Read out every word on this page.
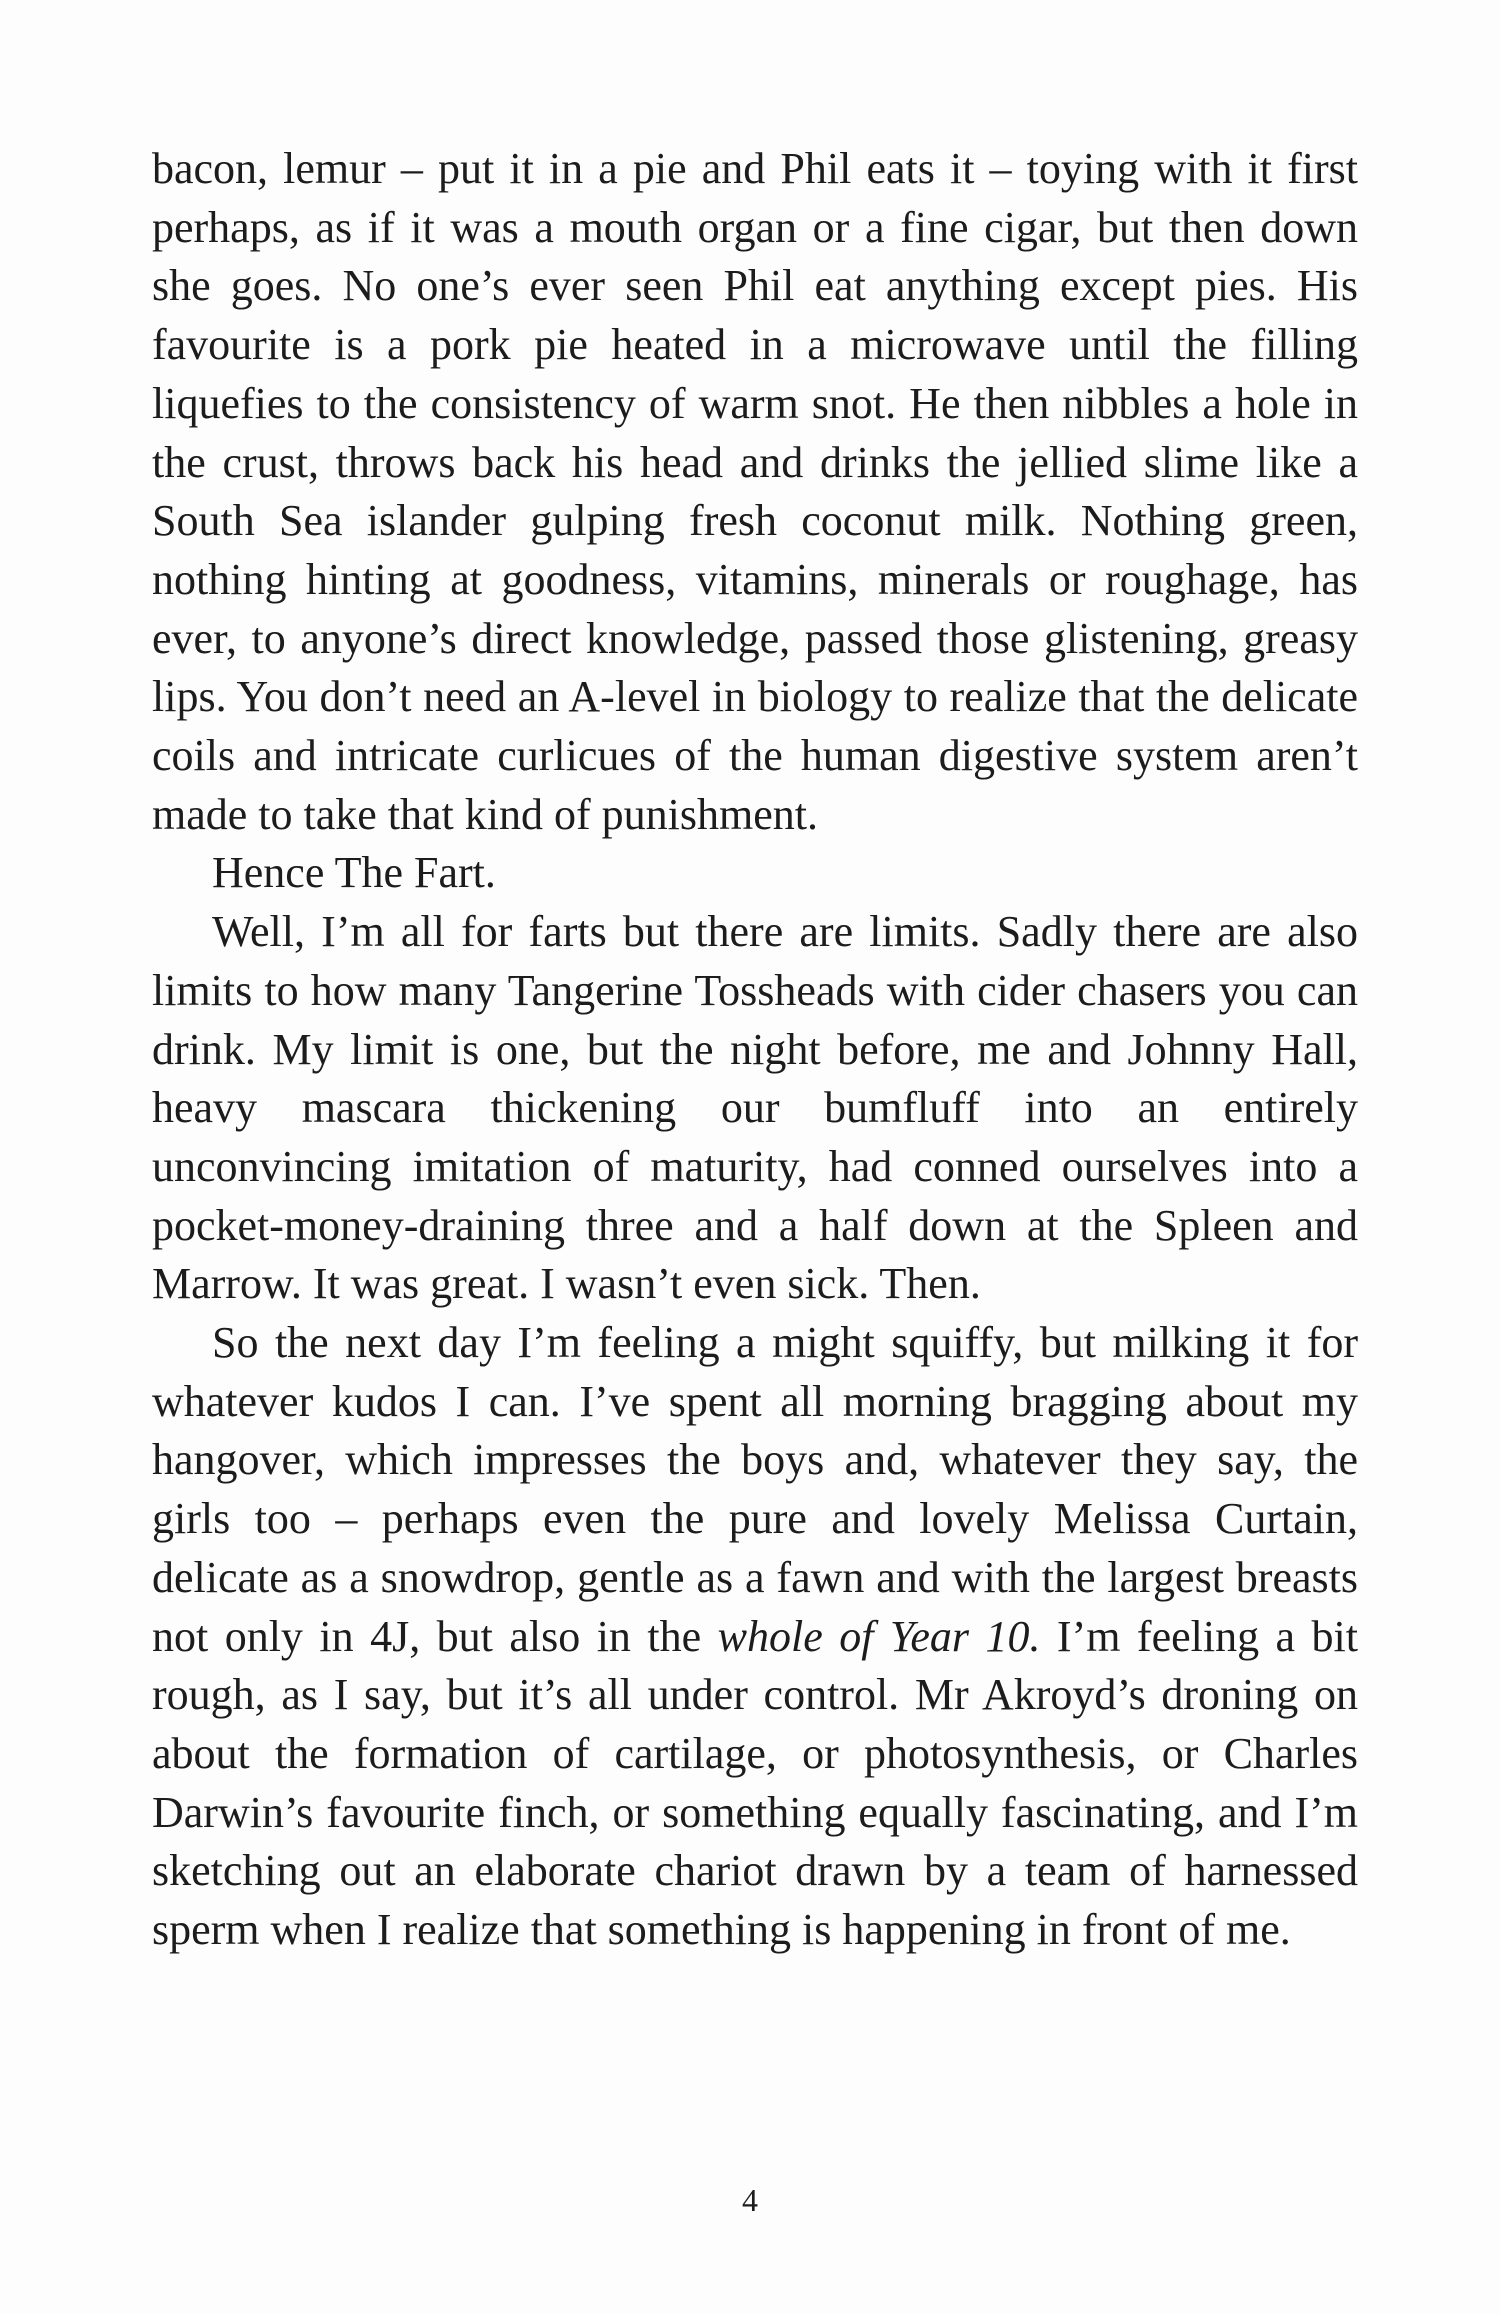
bacon, lemur – put it in a pie and Phil eats it – toying with it first perhaps, as if it was a mouth organ or a fine cigar, but then down she goes. No one’s ever seen Phil eat anything except pies. His favourite is a pork pie heated in a microwave until the filling liquefies to the consistency of warm snot. He then nibbles a hole in the crust, throws back his head and drinks the jellied slime like a South Sea islander gulping fresh coconut milk. Nothing green, nothing hinting at goodness, vitamins, minerals or roughage, has ever, to anyone’s direct knowledge, passed those glistening, greasy lips. You don’t need an A-level in biology to realize that the delicate coils and intricate curlicues of the human digestive system aren’t made to take that kind of punishment.

Hence The Fart.

Well, I’m all for farts but there are limits. Sadly there are also limits to how many Tangerine Tossheads with cider chasers you can drink. My limit is one, but the night before, me and Johnny Hall, heavy mascara thickening our bumfluff into an entirely unconvincing imitation of maturity, had conned ourselves into a pocket-money-draining three and a half down at the Spleen and Marrow. It was great. I wasn’t even sick. Then.

So the next day I’m feeling a might squiffy, but milking it for whatever kudos I can. I’ve spent all morning bragging about my hangover, which impresses the boys and, whatever they say, the girls too – perhaps even the pure and lovely Melissa Curtain, delicate as a snowdrop, gentle as a fawn and with the largest breasts not only in 4J, but also in the whole of Year 10. I’m feeling a bit rough, as I say, but it’s all under control. Mr Akroyd’s droning on about the formation of cartilage, or photosynthesis, or Charles Darwin’s favourite finch, or something equally fascinating, and I’m sketching out an elaborate chariot drawn by a team of harnessed sperm when I realize that something is happening in front of me.

4
